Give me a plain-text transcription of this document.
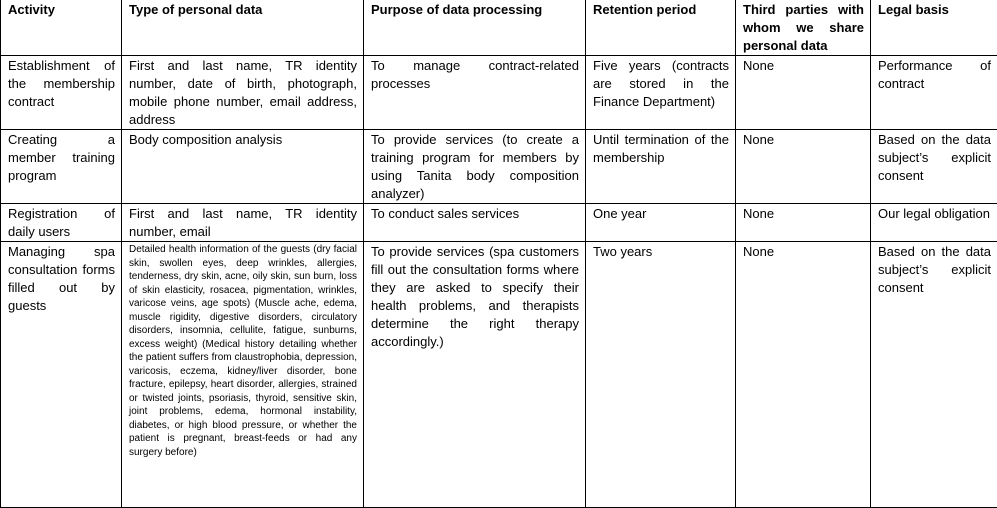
Activity	Type of personal data	Purpose of data processing	Retention period	Third parties with whom we share personal data	Legal basis
Establishment of the membership contract	First and last name, TR identity number, date of birth, photograph, mobile phone number, email address, address	To manage contract-related processes	Five years (contracts are stored in the Finance Department)	None	Performance of contract
Creating a member training program	Body composition analysis	To provide services (to create a training program for members by using Tanita body composition analyzer)	Until termination of the membership	None	Based on the data subject’s explicit consent
Registration of daily users	First and last name, TR identity number, email	To conduct sales services	One year	None	Our legal obligation
Managing spa consultation forms filled out by guests	Detailed health information of the guests (dry facial skin, swollen eyes, deep wrinkles, allergies, tenderness, dry skin, acne, oily skin, sun burn, loss of skin elasticity, rosacea, pigmentation, wrinkles, varicose veins, age spots) (Muscle ache, edema, muscle rigidity, digestive disorders, circulatory disorders, insomnia, cellulite, fatigue, sunburns, excess weight) (Medical history detailing whether the patient suffers from claustrophobia, depression, varicosis, eczema, kidney/liver disorder, bone fracture, epilepsy, heart disorder, allergies, strained or twisted joints, psoriasis, thyroid, sensitive skin, joint problems, edema, hormonal instability, diabetes, or high blood pressure, or whether the patient is pregnant, breast-feeds or had any surgery before)	To provide services (spa customers fill out the consultation forms where they are asked to specify their health problems, and therapists determine the right therapy accordingly.)	Two years	None	Based on the data subject’s explicit consent
